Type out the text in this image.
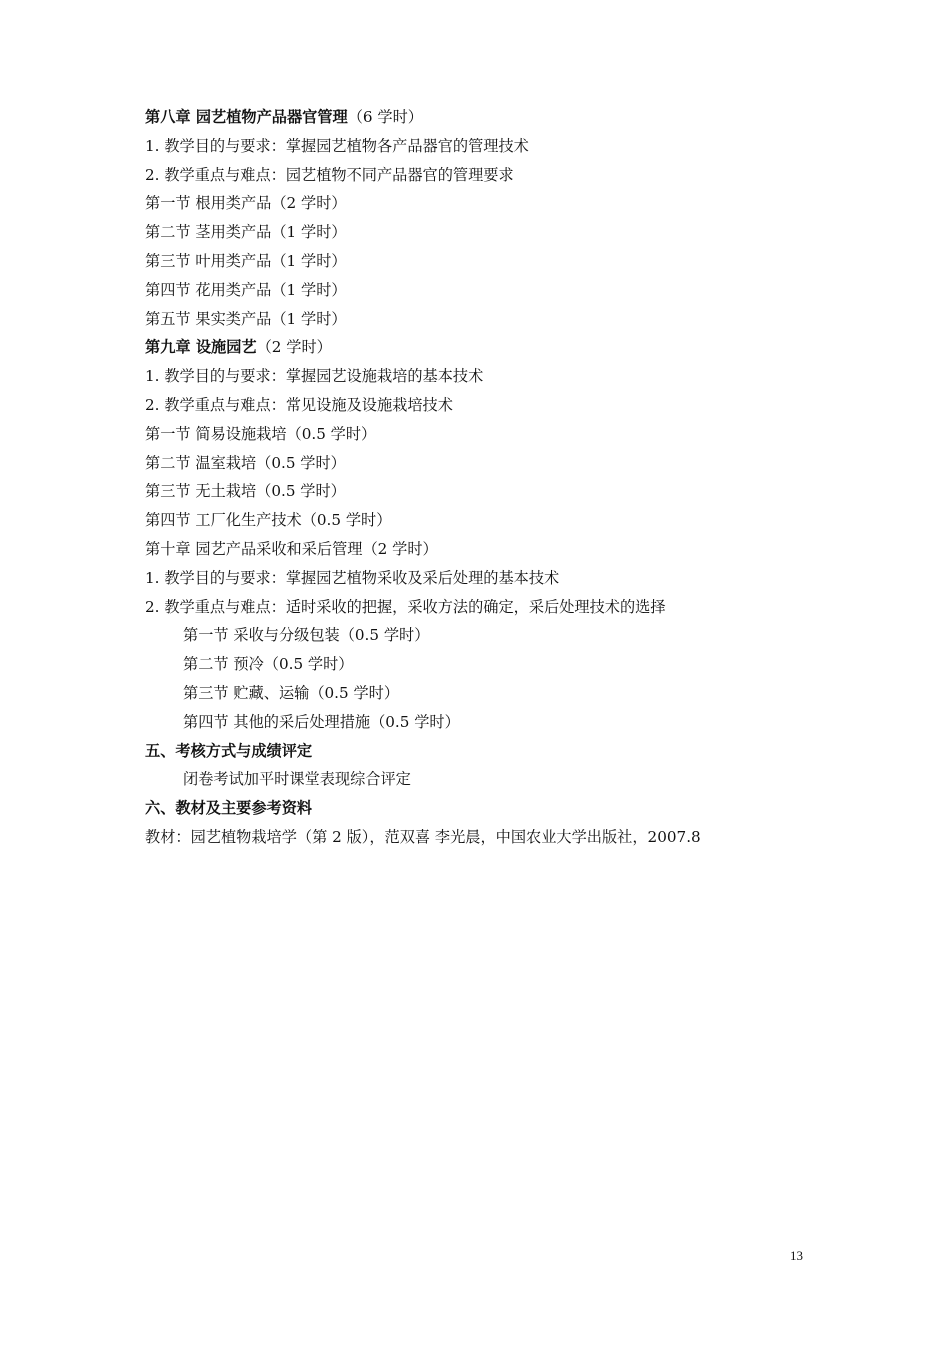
第八章 园艺植物产品器官管理（6 学时）
1. 教学目的与要求：掌握园艺植物各产品器官的管理技术
2. 教学重点与难点：园艺植物不同产品器官的管理要求
第一节 根用类产品（2 学时）
第二节 茎用类产品（1 学时）
第三节 叶用类产品（1 学时）
第四节 花用类产品（1 学时）
第五节 果实类产品（1 学时）
第九章 设施园艺（2 学时）
1. 教学目的与要求：掌握园艺设施栽培的基本技术
2. 教学重点与难点：常见设施及设施栽培技术
第一节 简易设施栽培（0.5 学时）
第二节 温室栽培（0.5 学时）
第三节 无土栽培（0.5 学时）
第四节 工厂化生产技术（0.5 学时）
第十章 园艺产品采收和采后管理（2 学时）
1. 教学目的与要求：掌握园艺植物采收及采后处理的基本技术
2. 教学重点与难点：适时采收的把握，采收方法的确定，采后处理技术的选择
第一节 采收与分级包装（0.5 学时）
第二节 预冷（0.5 学时）
第三节 贮藏、运输（0.5 学时）
第四节 其他的采后处理措施（0.5 学时）
五、考核方式与成绩评定
闭卷考试加平时课堂表现综合评定
六、教材及主要参考资料
教材：园艺植物栽培学（第 2 版），范双喜 李光晨，中国农业大学出版社，2007.8
13
